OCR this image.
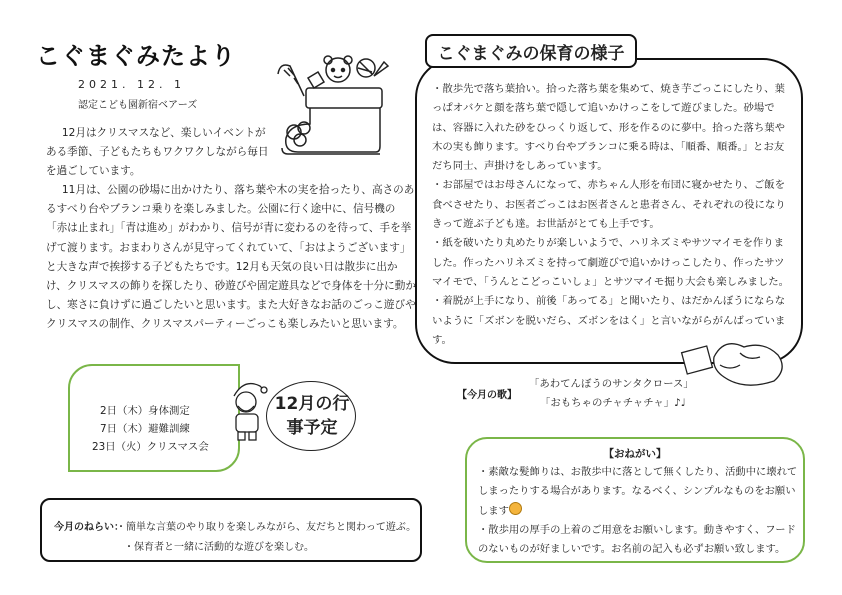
こぐまぐみたより
2021. 12. 1
認定こども園新宿ベアーズ

12月はクリスマスなど、楽しいイベントがある季節、子どもたちもワクワクしながら毎日を過ごしています。

11月は、公園の砂場に出かけたり、落ち葉や木の実を拾ったり、高さのあるすべり台やブランコ乗りを楽しみました。公園に行く途中に、信号機の「赤は止まれ」「青は進め」がわかり、信号が青に変わるのを待って、手を挙げて渡ります。おまわりさんが見守ってくれていて、「おはようございます」と大きな声で挨拶する子どもたちです。12月も天気の良い日は散歩に出かけ、クリスマスの飾りを探したり、砂遊びや固定遊具などで身体を十分に動かし、寒さに負けずに過ごしたいと思います。また大好きなお話のごっこ遊びやクリスマスの制作、クリスマスパーティーごっこも楽しみたいと思います。

こぐまぐみの保育の様子
・散歩先で落ち葉拾い。拾った落ち葉を集めて、焼き芋ごっこにしたり、葉っぱオバケと顔を落ち葉で隠して追いかけっこをして遊びました。砂場では、容器に入れた砂をひっくり返して、形を作るのに夢中。拾った落ち葉や木の実も飾ります。すべり台やブランコに乗る時は、「順番、順番。」とお友だち同士、声掛けをしあっています。
・お部屋ではお母さんになって、赤ちゃん人形を布団に寝かせたり、ご飯を食べさせたり、お医者ごっこはお医者さんと患者さん、それぞれの役になりきって遊ぶ子ども達。お世話がとても上手です。
・紙を破いたり丸めたりが楽しいようで、ハリネズミやサツマイモを作りました。作ったハリネズミを持って劇遊びで追いかけっこしたり、作ったサツマイモで、「うんとこどっこいしょ」とサツマイモ掘り大会も楽しみました。
・着脱が上手になり、前後「あってる」と聞いたり、はだかんぼうにならないように「ズボンを脱いだら、ズボンをはく」と言いながらがんばっています。
2日（木）身体測定
7日（木）避難訓練
23日（火）クリスマス会
12月の行事予定
【今月の歌】
「あわてんぼうのサンタクロース」
「おもちゃのチャチャチャ」♪♩
今月のねらい：
・簡単な言葉のやり取りを楽しみながら、友だちと関わって遊ぶ。
・保育者と一緒に活動的な遊びを楽しむ。
【おねがい】
・素敵な髪飾りは、お散歩中に落として無くしたり、活動中に壊れてしまったりする場合があります。なるべく、シンプルなものをお願いします
・散歩用の厚手の上着のご用意をお願いします。動きやすく、フードのないものが好ましいです。お名前の記入も必ずお願い致します。
